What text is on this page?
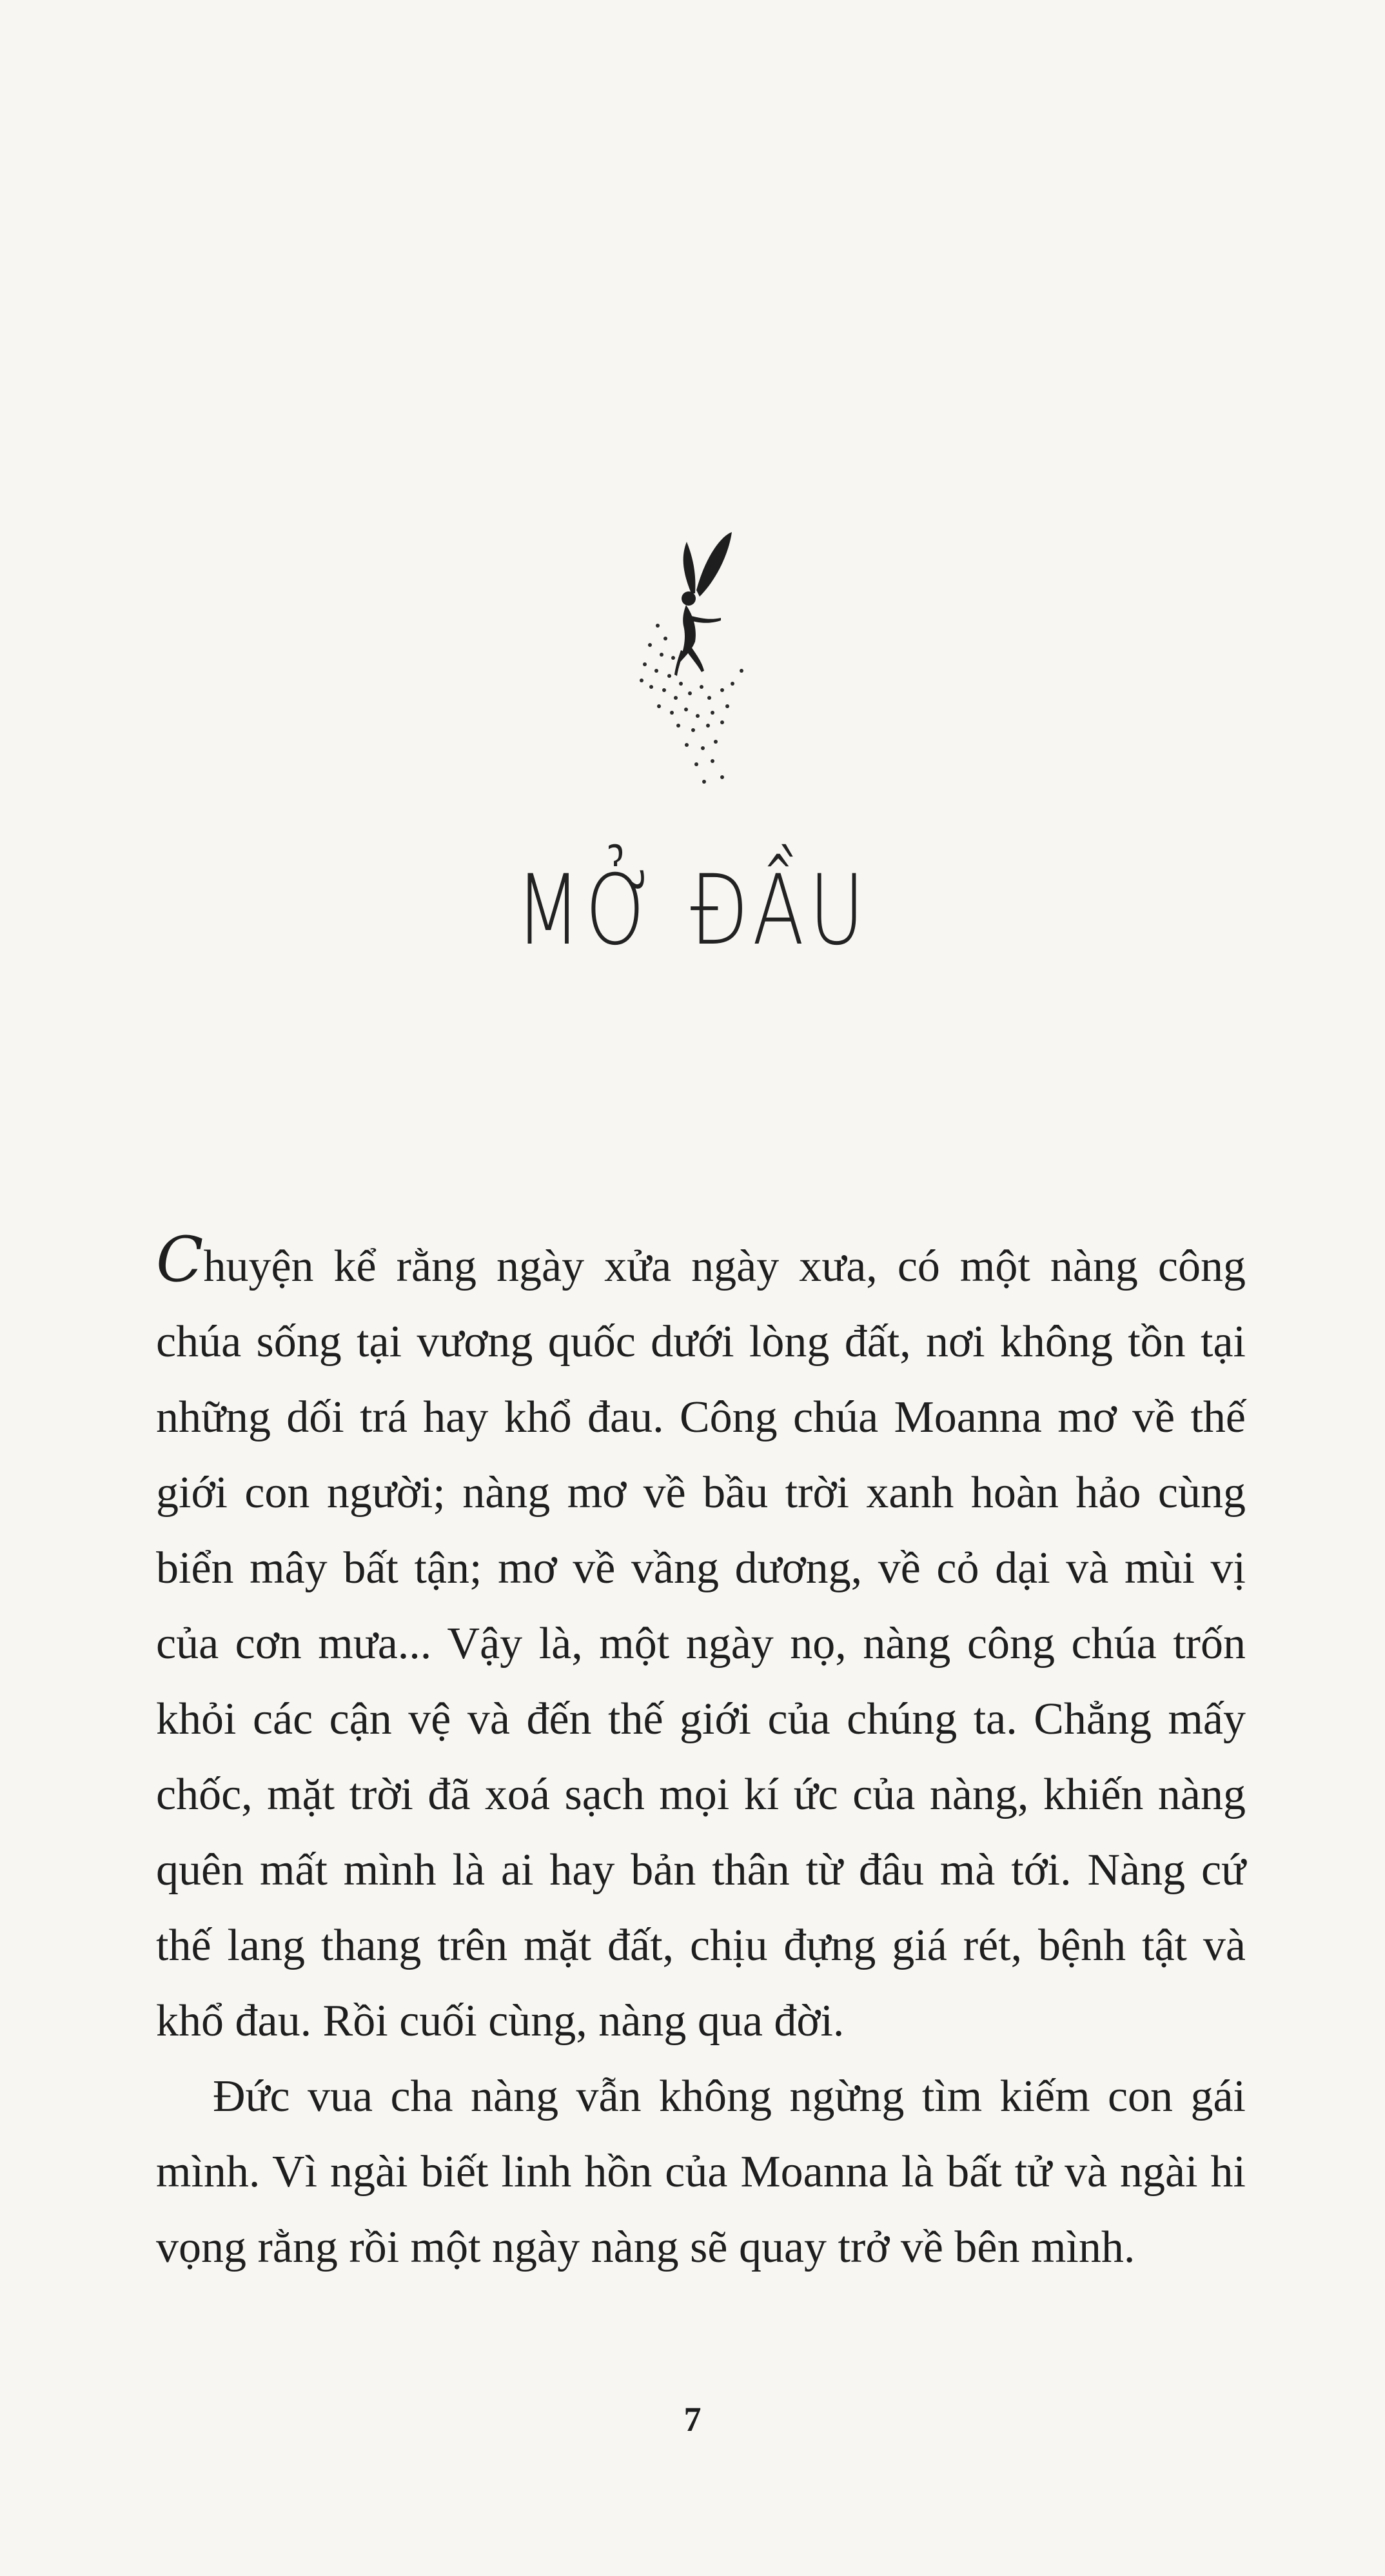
MỞ ĐẦU

Chuyện kể rằng ngày xửa ngày xưa, có một nàng công chúa sống tại vương quốc dưới lòng đất, nơi không tồn tại những dối trá hay khổ đau. Công chúa Moanna mơ về thế giới con người; nàng mơ về bầu trời xanh hoàn hảo cùng biển mây bất tận; mơ về vầng dương, về cỏ dại và mùi vị của cơn mưa... Vậy là, một ngày nọ, nàng công chúa trốn khỏi các cận vệ và đến thế giới của chúng ta. Chẳng mấy chốc, mặt trời đã xoá sạch mọi kí ức của nàng, khiến nàng quên mất mình là ai hay bản thân từ đâu mà tới. Nàng cứ thế lang thang trên mặt đất, chịu đựng giá rét, bệnh tật và khổ đau. Rồi cuối cùng, nàng qua đời.

Đức vua cha nàng vẫn không ngừng tìm kiếm con gái mình. Vì ngài biết linh hồn của Moanna là bất tử và ngài hi vọng rằng rồi một ngày nàng sẽ quay trở về bên mình.

7
